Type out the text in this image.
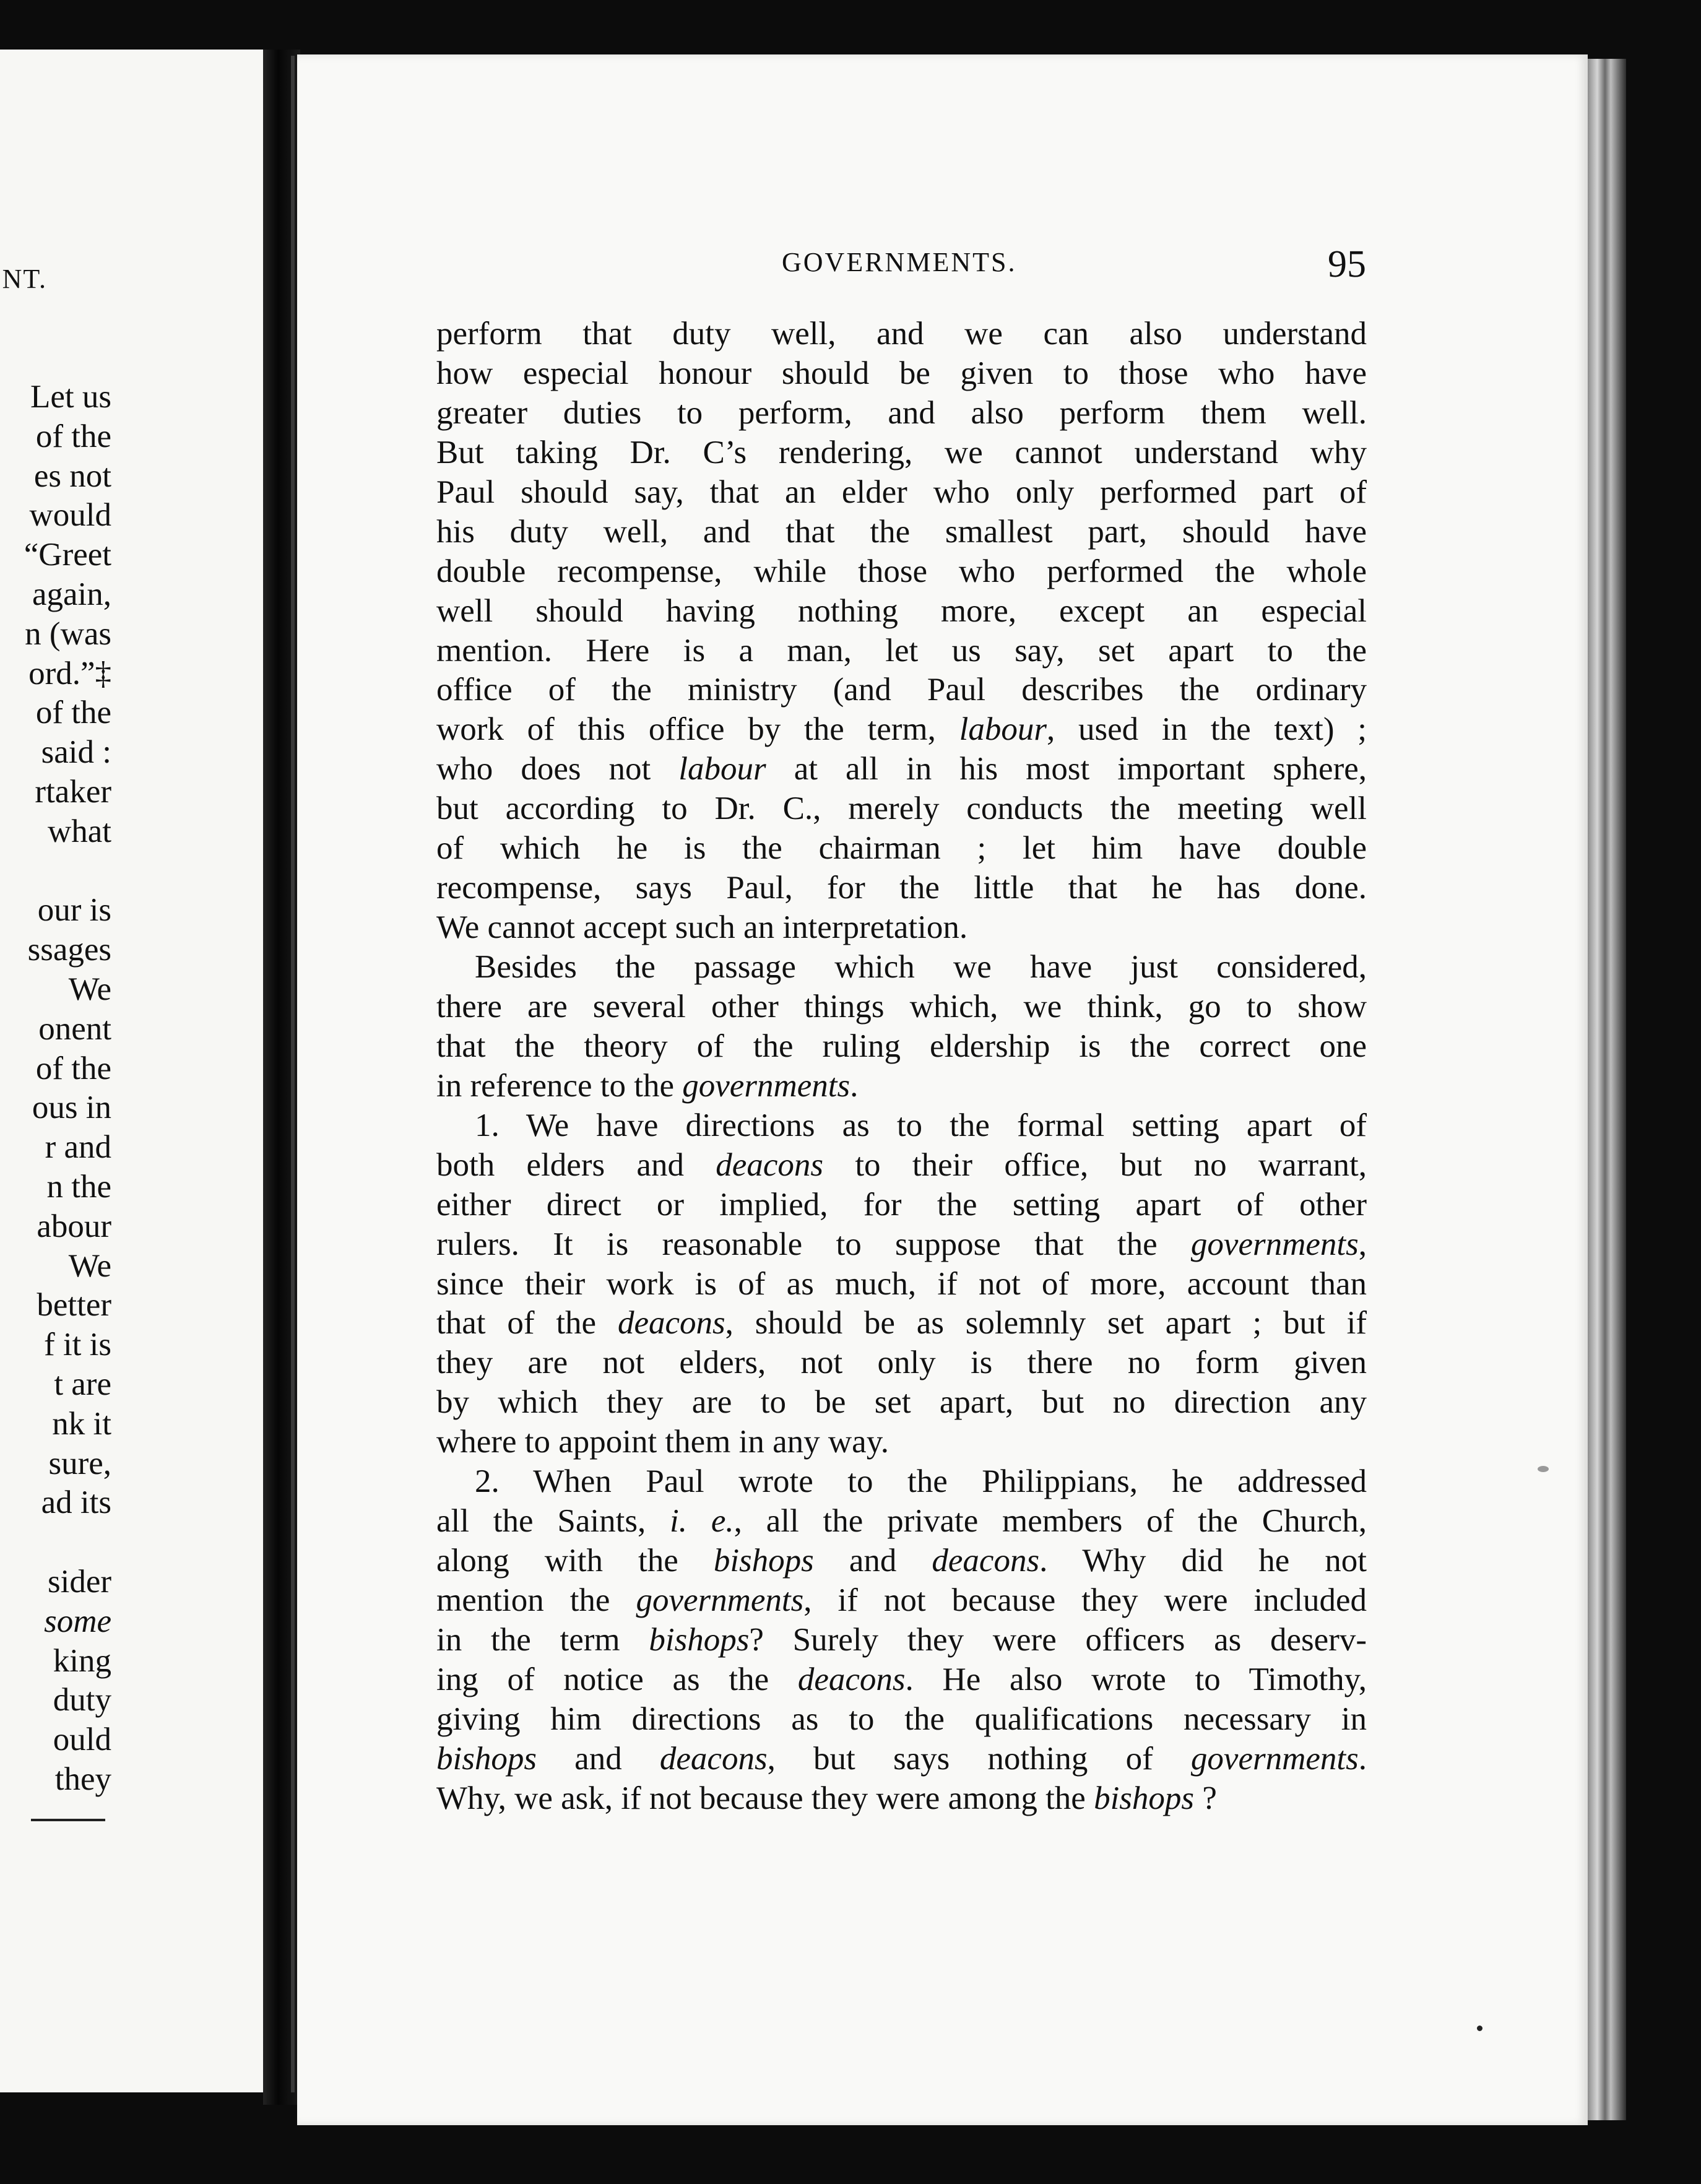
NT.
Let us
of the
es not
would
“Greet
again,
n (was
ord.”‡
of the
said :
rtaker
what
our is
ssages
We
onent
of the
ous in
r and
n the
abour
We
better
f it is
t are
nk it
sure,
ad its
sider
some
king
duty
ould
they
GOVERNMENTS.	95
perform that duty well, and we can also understand
how especial honour should be given to those who have
greater duties to perform, and also perform them well.
But taking Dr. C’s rendering, we cannot understand why
Paul should say, that an elder who only performed part of
his duty well, and that the smallest part, should have
double recompense, while those who performed the whole
well should having nothing more, except an especial
mention. Here is a man, let us say, set apart to the
office of the ministry (and Paul describes the ordinary
work of this office by the term, labour, used in the text) ;
who does not labour at all in his most important sphere,
but according to Dr. C., merely conducts the meeting well
of which he is the chairman ; let him have double
recompense, says Paul, for the little that he has done.
We cannot accept such an interpretation.
Besides the passage which we have just considered,
there are several other things which, we think, go to show
that the theory of the ruling eldership is the correct one
in reference to the governments.
1. We have directions as to the formal setting apart of
both elders and deacons to their office, but no warrant,
either direct or implied, for the setting apart of other
rulers. It is reasonable to suppose that the governments,
since their work is of as much, if not of more, account than
that of the deacons, should be as solemnly set apart ; but if
they are not elders, not only is there no form given
by which they are to be set apart, but no direction any
where to appoint them in any way.
2. When Paul wrote to the Philippians, he addressed
all the Saints, i. e., all the private members of the Church,
along with the bishops and deacons. Why did he not
mention the governments, if not because they were included
in the term bishops? Surely they were officers as deserv-
ing of notice as the deacons. He also wrote to Timothy,
giving him directions as to the qualifications necessary in
bishops and deacons, but says nothing of governments.
Why, we ask, if not because they were among the bishops ?
